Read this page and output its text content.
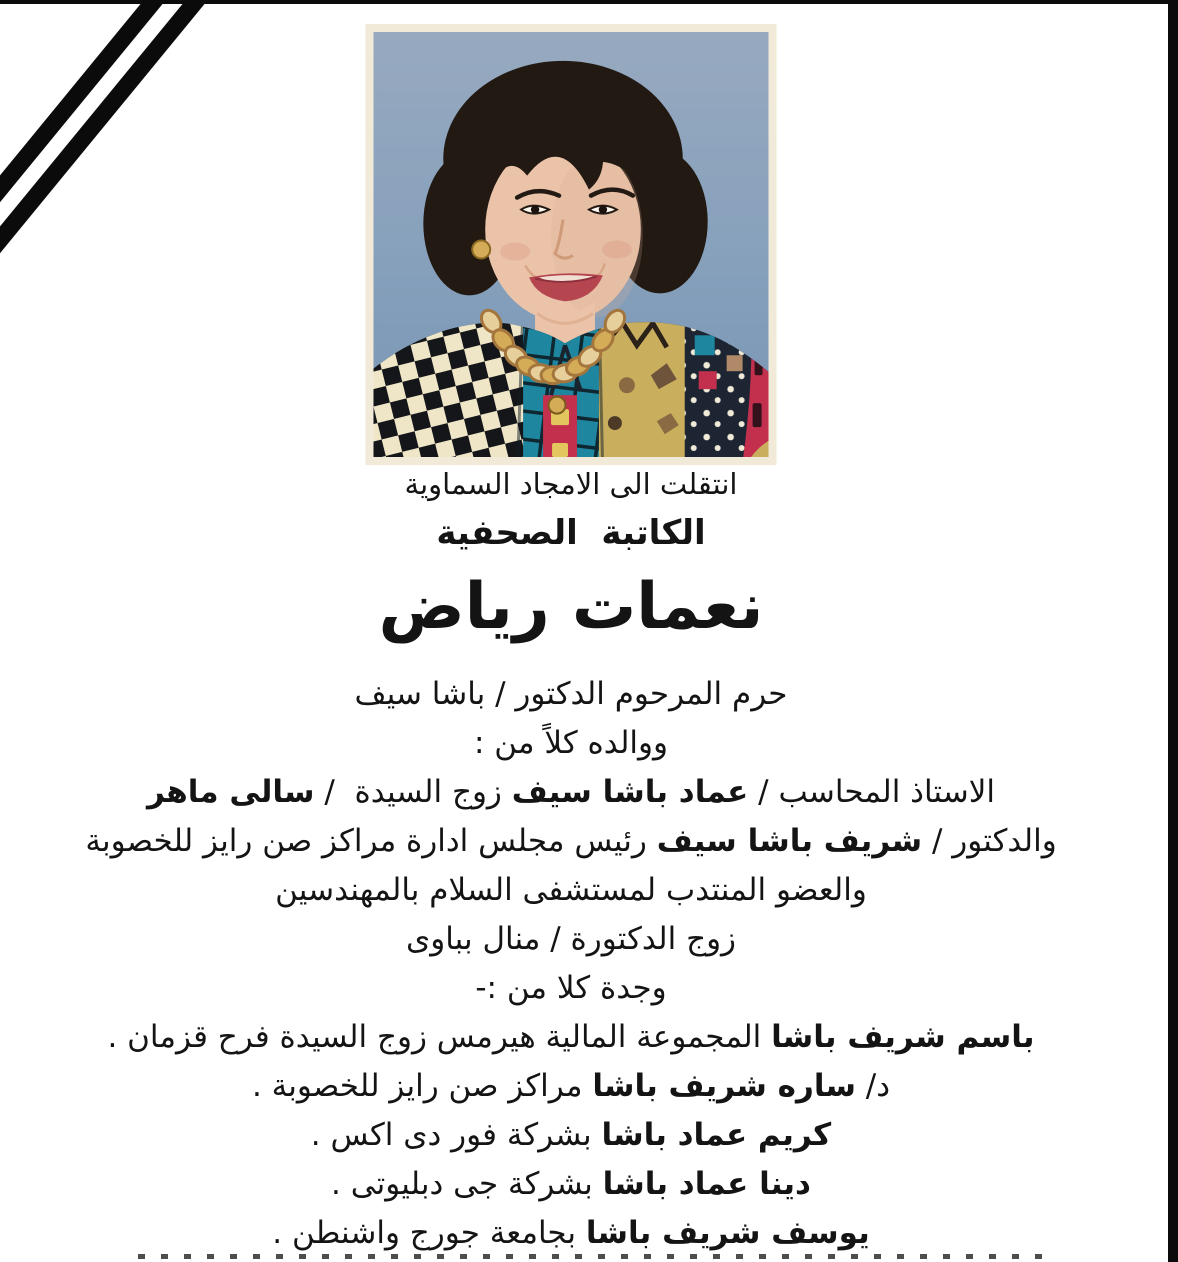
انتقلت الى الامجاد السماوية
الكاتبة  الصحفية
نعمات رياض
حرم المرحوم الدكتور / باشا سيف
ووالده كلاً من :
الاستاذ المحاسب / عماد باشا سيف زوج السيدة  / سالى ماهر
والدكتور / شريف باشا سيف رئيس مجلس ادارة مراكز صن رايز للخصوبة
والعضو المنتدب لمستشفى السلام بالمهندسين
زوج الدكتورة / منال بباوى
وجدة كلا من :-
باسم شريف باشا المجموعة المالية هيرمس زوج السيدة فرح قزمان .
د/ ساره شريف باشا مراكز صن رايز للخصوبة .
كريم عماد باشا بشركة فور دى اكس .
دينا عماد باشا بشركة جى دبليوتى .
يوسف شريف باشا بجامعة جورج واشنطن .
